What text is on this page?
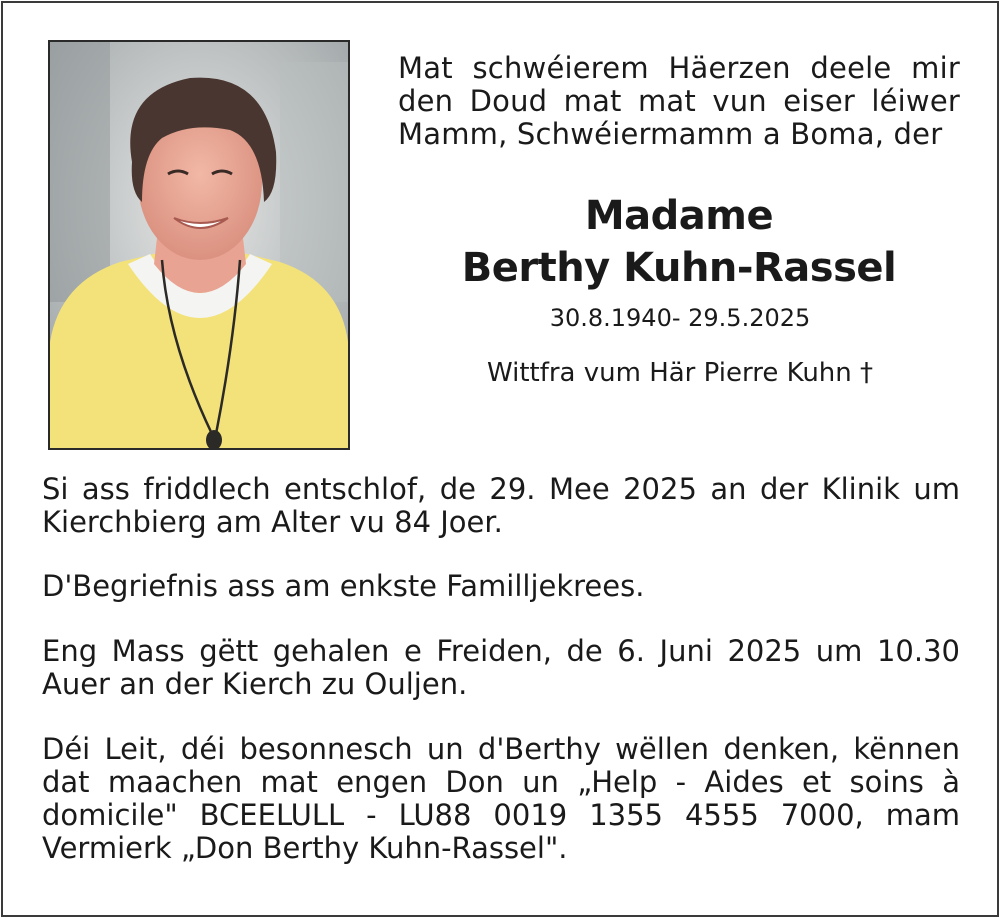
Mat schwéierem Häerzen deele mir den Doud mat mat vun eiser léiwer Mamm, Schwéiermamm a Boma, der
Madame
Berthy Kuhn-Rassel
30.8.1940- 29.5.2025
Wittfra vum Här Pierre Kuhn †

Si ass friddlech entschlof, de 29. Mee 2025 an der Klinik um Kierchbierg am Alter vu 84 Joer.

D'Begriefnis ass am enkste Familljekrees.

Eng Mass gëtt gehalen e Freiden, de 6. Juni 2025 um 10.30 Auer an der Kierch zu Ouljen.

Déi Leit, déi besonnesch un d'Berthy wëllen denken, kënnen dat maachen mat engen Don un „Help - Aides et soins à domicile" BCEELULL - LU88 0019 1355 4555 7000, mam Vermierk „Don Berthy Kuhn-Rassel".
